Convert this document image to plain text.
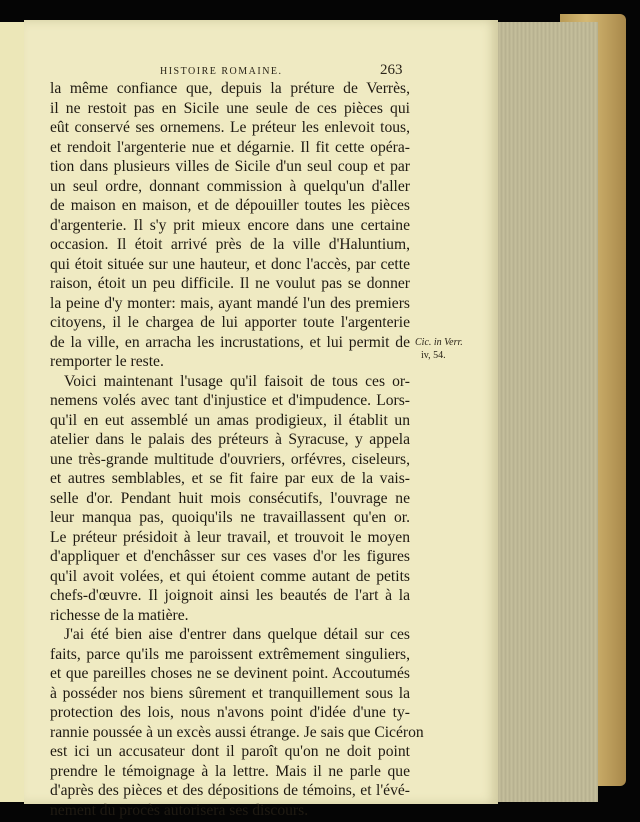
HISTOIRE ROMAINE.	263
la même confiance que, depuis la préture de Verrès,
il ne restoit pas en Sicile une seule de ces pièces qui
eût conservé ses ornemens. Le préteur les enlevoit tous,
et rendoit l'argenterie nue et dégarnie. Il fit cette opéra-
tion dans plusieurs villes de Sicile d'un seul coup et par
un seul ordre, donnant commission à quelqu'un d'aller
de maison en maison, et de dépouiller toutes les pièces
d'argenterie. Il s'y prit mieux encore dans une certaine
occasion. Il étoit arrivé près de la ville d'Haluntium,
qui étoit située sur une hauteur, et donc l'accès, par cette
raison, étoit un peu difficile. Il ne voulut pas se donner
la peine d'y monter: mais, ayant mandé l'un des premiers
citoyens, il le chargea de lui apporter toute l'argenterie
de la ville, en arracha les incrustations, et lui permit de
remporter le reste.
Voici maintenant l'usage qu'il faisoit de tous ces or-
nemens volés avec tant d'injustice et d'impudence. Lors-
qu'il en eut assemblé un amas prodigieux, il établit un
atelier dans le palais des préteurs à Syracuse, y appela
une très-grande multitude d'ouvriers, orfévres, ciseleurs,
et autres semblables, et se fit faire par eux de la vais-
selle d'or. Pendant huit mois consécutifs, l'ouvrage ne
leur manqua pas, quoiqu'ils ne travaillassent qu'en or.
Le préteur présidoit à leur travail, et trouvoit le moyen
d'appliquer et d'enchâsser sur ces vases d'or les figures
qu'il avoit volées, et qui étoient comme autant de petits
chefs-d'œuvre. Il joignoit ainsi les beautés de l'art à la
richesse de la matière.
J'ai été bien aise d'entrer dans quelque détail sur ces
faits, parce qu'ils me paroissent extrêmement singuliers,
et que pareilles choses ne se devinent point. Accoutumés
à posséder nos biens sûrement et tranquillement sous la
protection des lois, nous n'avons point d'idée d'une ty-
rannie poussée à un excès aussi étrange. Je sais que Cicéron
est ici un accusateur dont il paroît qu'on ne doit point
prendre le témoignage à la lettre. Mais il ne parle que
d'après des pièces et des dépositions de témoins, et l'évé-
nement du procès autorisera ses discours.
Cic. in Verr.
iv, 54.
